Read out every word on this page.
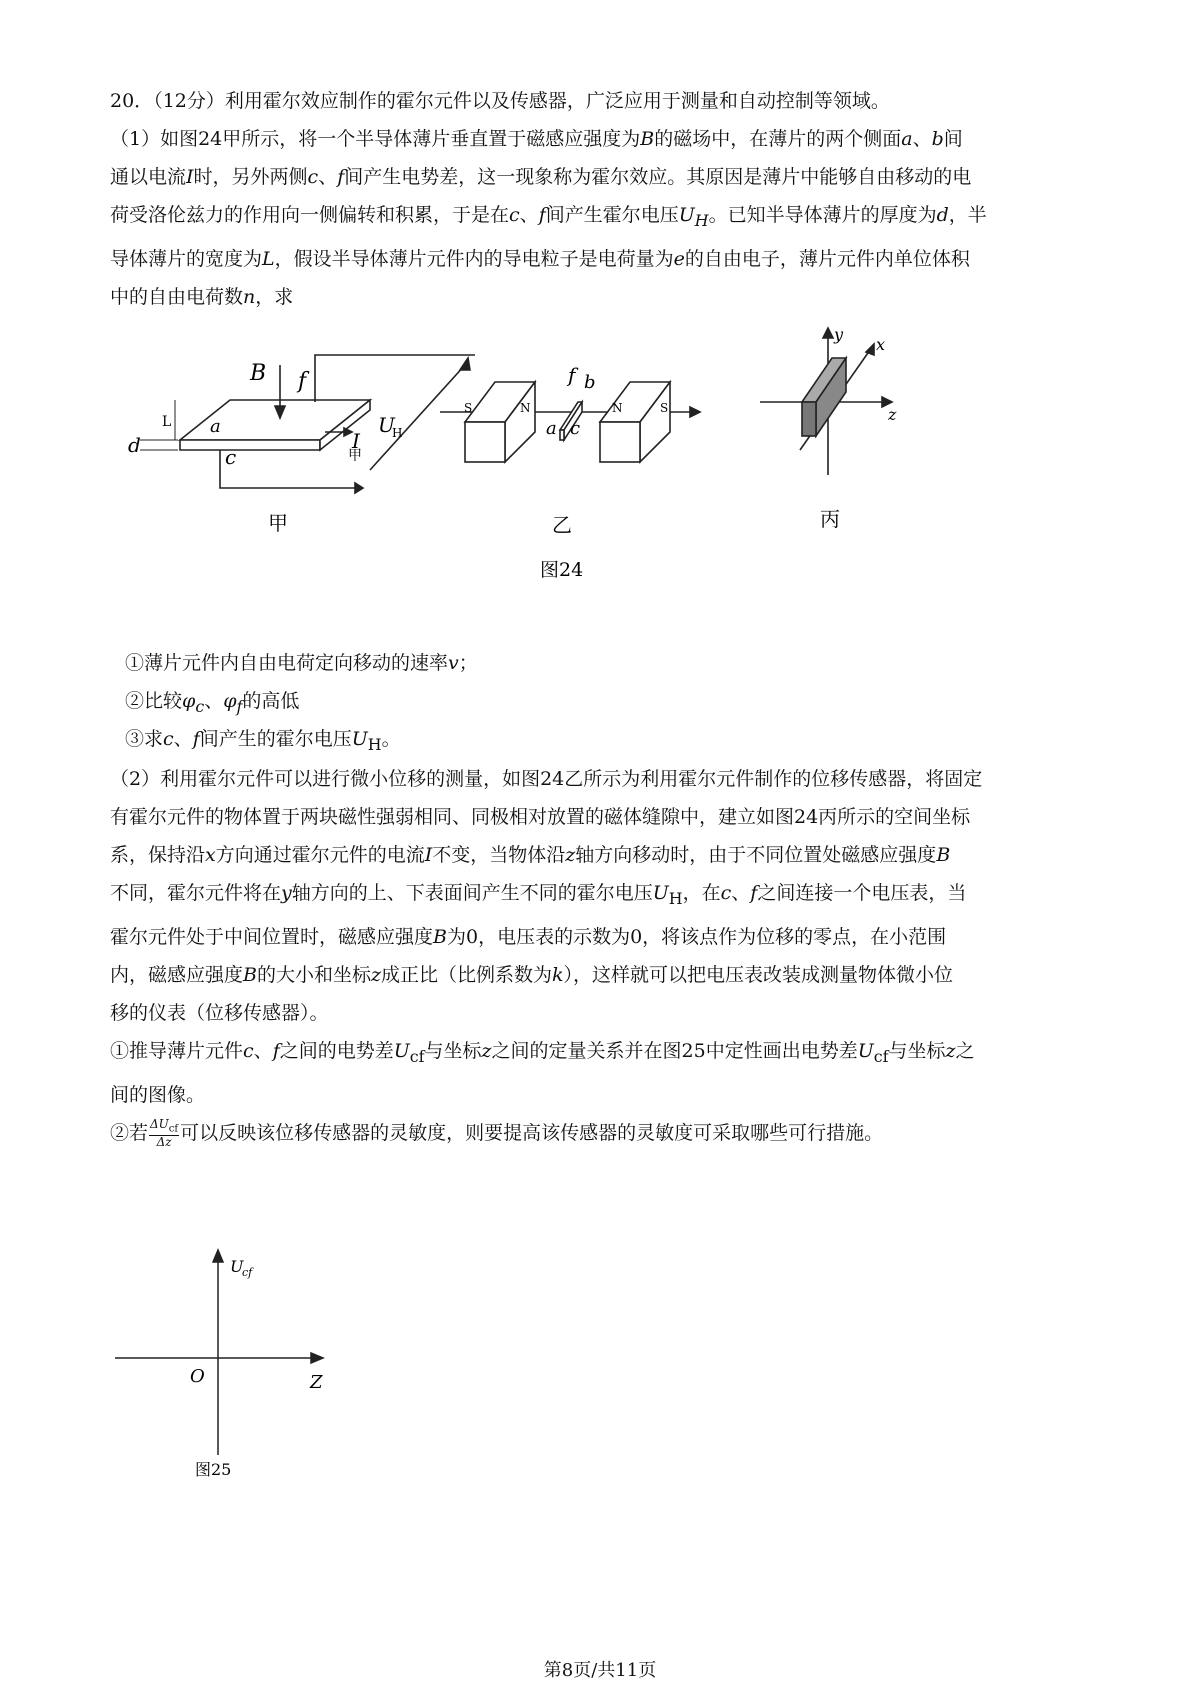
20．（12分）利用霍尔效应制作的霍尔元件以及传感器，广泛应用于测量和自动控制等领域。
（1）如图24甲所示，将一个半导体薄片垂直置于磁感应强度为B的磁场中，在薄片的两个侧面a、b间
通以电流I时，另外两侧c、f间产生电势差，这一现象称为霍尔效应。其原因是薄片中能够自由移动的电
荷受洛伦兹力的作用向一侧偏转和积累，于是在c、f间产生霍尔电压$U_H$。已知半导体薄片的厚度为d，半
导体薄片的宽度为L，假设半导体薄片元件内的导电粒子是电荷量为e的自由电子，薄片元件内单位体积
中的自由电荷数n，求
B f
L a
I
U
H
甲
d	c
S	N
f b
a c
N	S
y
x
z
甲	乙	丙
图24
①薄片元件内自由电荷定向移动的速率v；
②比较$\varphi_c$、$\varphi_f$的高低
③求c、f间产生的霍尔电压$U_H$。
（2）利用霍尔元件可以进行微小位移的测量，如图24乙所示为利用霍尔元件制作的位移传感器，将固定
有霍尔元件的物体置于两块磁性强弱相同、同极相对放置的磁体缝隙中，建立如图24丙所示的空间坐标
系，保持沿x方向通过霍尔元件的电流I不变，当物体沿z轴方向移动时，由于不同位置处磁感应强度B
不同，霍尔元件将在y轴方向的上、下表面间产生不同的霍尔电压$U_H$，在c、f之间连接一个电压表，当
霍尔元件处于中间位置时，磁感应强度B为0，电压表的示数为0，将该点作为位移的零点，在小范围
内，磁感应强度B的大小和坐标z成正比（比例系数为k），这样就可以把电压表改装成测量物体微小位
移的仪表（位移传感器）。
①推导薄片元件c、f之间的电势差$U_{cf}$与坐标z之间的定量关系并在图25中定性画出电势差$U_{cf}$与坐标z之
间的图像。
②若 $\frac{\Delta U_{cf}}{\Delta z}$ 可以反映该位移传感器的灵敏度，则要提高该传感器的灵敏度可采取哪些可行措施。
U
cf
O	Z
图25
第8页/共11页
